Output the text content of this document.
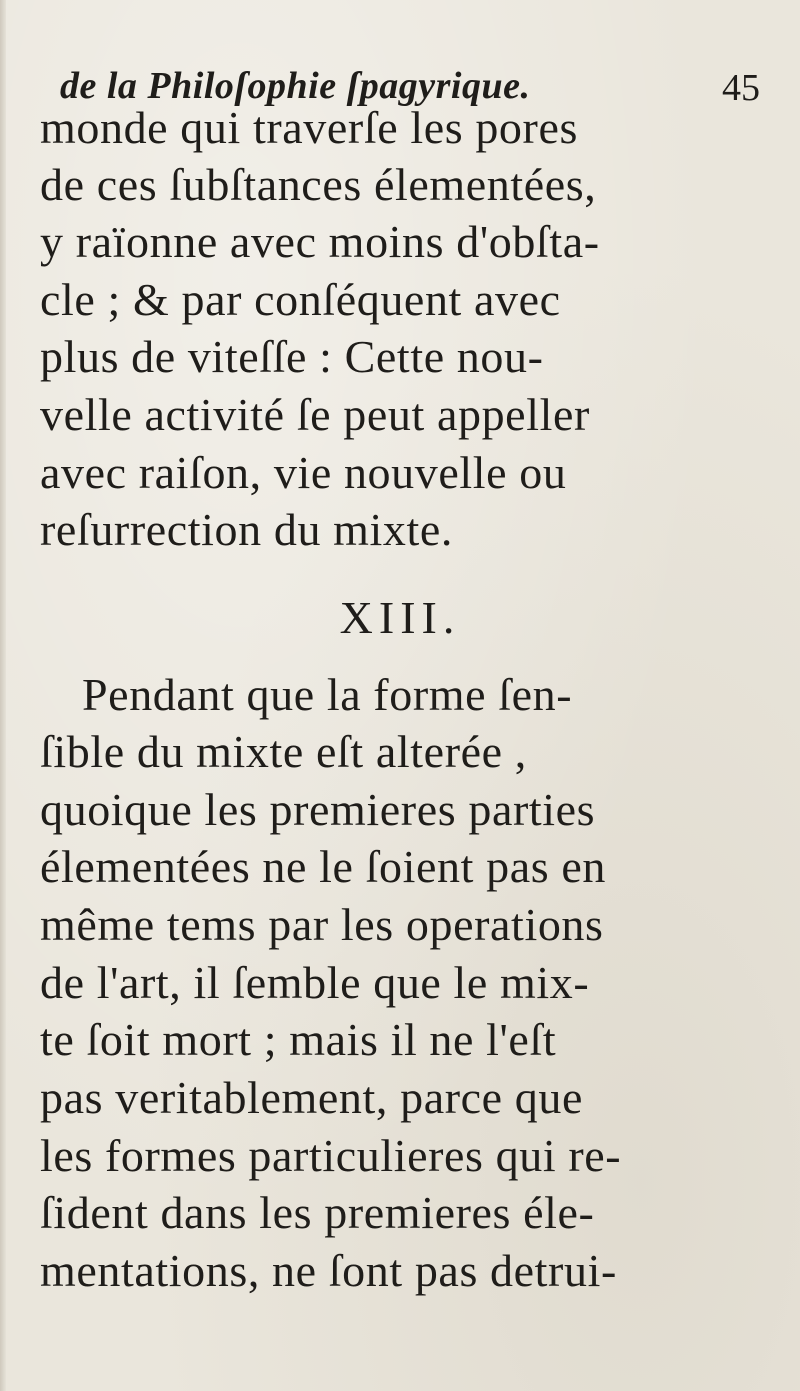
de la Philoſophie ſpagyrique.	45
monde qui traverſe les pores
de ces ſubſtances élementées,
y raïonne avec moins d'obſta-
cle ; & par conſéquent avec
plus de viteſſe : Cette nou-
velle activité ſe peut appeller
avec raiſon, vie nouvelle ou
reſurrection du mixte.
XIII.
Pendant que la forme ſen-
ſible du mixte eſt alterée ,
quoique les premieres parties
élementées ne le ſoient pas en
même tems par les operations
de l'art, il ſemble que le mix-
te ſoit mort ; mais il ne l'eſt
pas veritablement, parce que
les formes particulieres qui re-
ſident dans les premieres éle-
mentations, ne ſont pas detrui-
